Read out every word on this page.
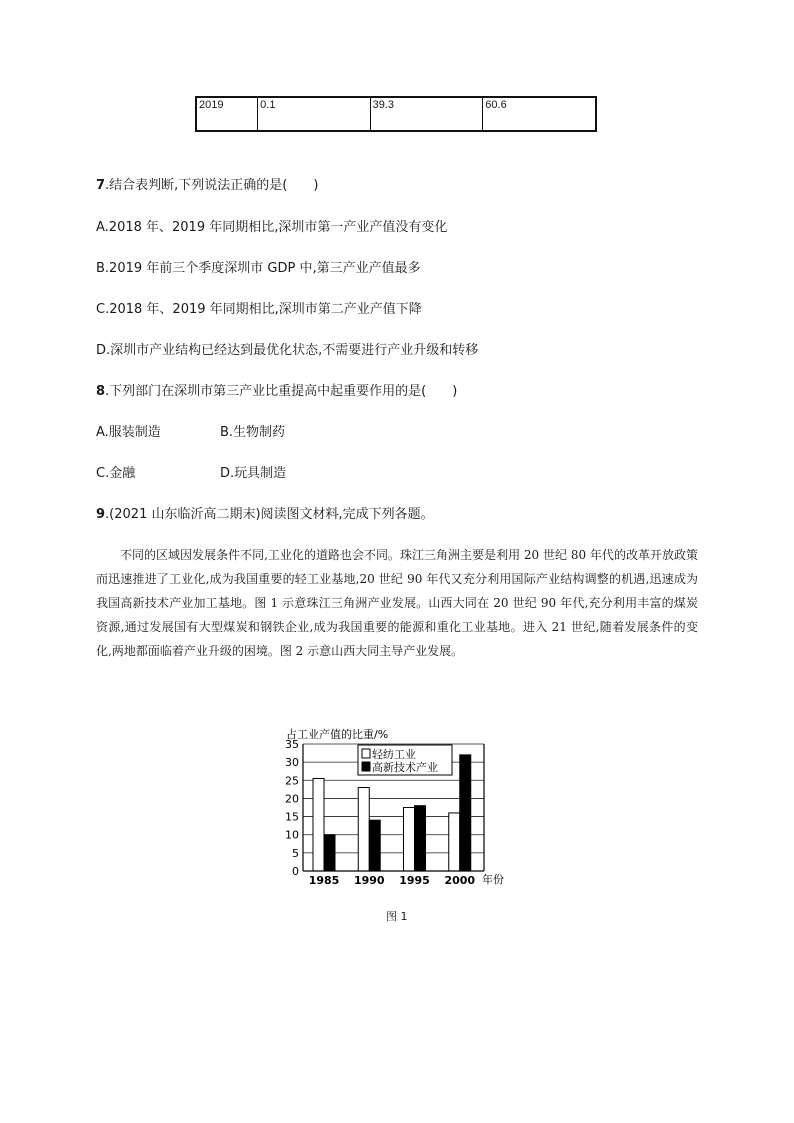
2019	0.1	39.3	60.6
7.结合表判断,下列说法正确的是(　　)
A.2018 年、2019 年同期相比,深圳市第一产业产值没有变化
B.2019 年前三个季度深圳市 GDP 中,第三产业产值最多
C.2018 年、2019 年同期相比,深圳市第二产业产值下降
D.深圳市产业结构已经达到最优化状态,不需要进行产业升级和转移
8.下列部门在深圳市第三产业比重提高中起重要作用的是(　　)
A.服装制造	B.生物制药
C.金融	D.玩具制造
9.(2021 山东临沂高二期末)阅读图文材料,完成下列各题。
不同的区域因发展条件不同,工业化的道路也会不同。珠江三角洲主要是利用 20 世纪 80 年代的改革开放政策而迅速推进了工业化,成为我国重要的轻工业基地,20 世纪 90 年代又充分利用国际产业结构调整的机遇,迅速成为我国高新技术产业加工基地。图 1 示意珠江三角洲产业发展。山西大同在 20 世纪 90 年代,充分利用丰富的煤炭资源,通过发展国有大型煤炭和钢铁企业,成为我国重要的能源和重化工业基地。进入 21 世纪,随着发展条件的变化,两地都面临着产业升级的困境。图 2 示意山西大同主导产业发展。
占工业产值的比重/%
年份
0
5
10
15
20
25
30
35
1985 1990 1995 2000
轻纺工业
高新技术产业
图 1
